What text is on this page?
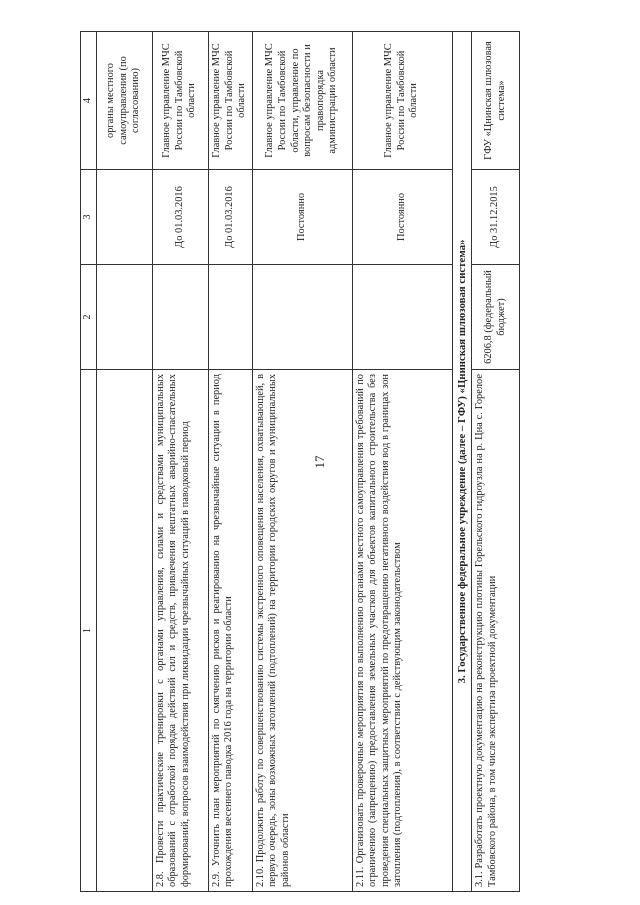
17
1	2	3	4
			органы местного самоуправления (по согласованию)
2.8. Провести практические тренировки с органами управления, силами и средствами муниципальных образований с отработкой порядка действий сил и средств, привлечения нештатных аварийно-спасательных формирований, вопросов взаимодействия при ликвидации чрезвычайных ситуаций в паводковый период		До 01.03.2016	Главное управление МЧС России по Тамбовской области
2.9. Уточнить план мероприятий по смягчению рисков и реагированию на чрезвычайные ситуации в период прохождения весеннего паводка 2016 года на территории области		До 01.03.2016	Главное управление МЧС России по Тамбовской области
2.10. Продолжить работу по совершенствованию системы экстренного оповещения населения, охватывающей, в первую очередь, зоны возможных затоплений (подтоплений) на территории городских округов и муниципальных районов области		Постоянно	Главное управление МЧС России по Тамбовской области, управление по вопросам безопасности и правопорядка администрации области
2.11. Организовать проверочные мероприятия по выполнению органами местного самоуправления требований по ограничению (запрещению) предоставления земельных участков для объектов капитального строительства без проведения специальных защитных мероприятий по предотвращению негативного воздействия вод в границах зон затопления (подтопления), в соответствии с действующим законодательством		Постоянно	Главное управление МЧС России по Тамбовской области
3. Государственное федеральное учреждение (далее – ГФУ) «Цнинская шлюзовая система»			
3.1. Разработать проектную документацию на реконструкцию плотины Горельского гидроузла на р. Цна с. Горелое Тамбовского района, в том числе экспертиза проектной документации	6206,8 (федеральный бюджет)	До 31.12.2015	ГФУ «Цнинская шлюзовая система»
